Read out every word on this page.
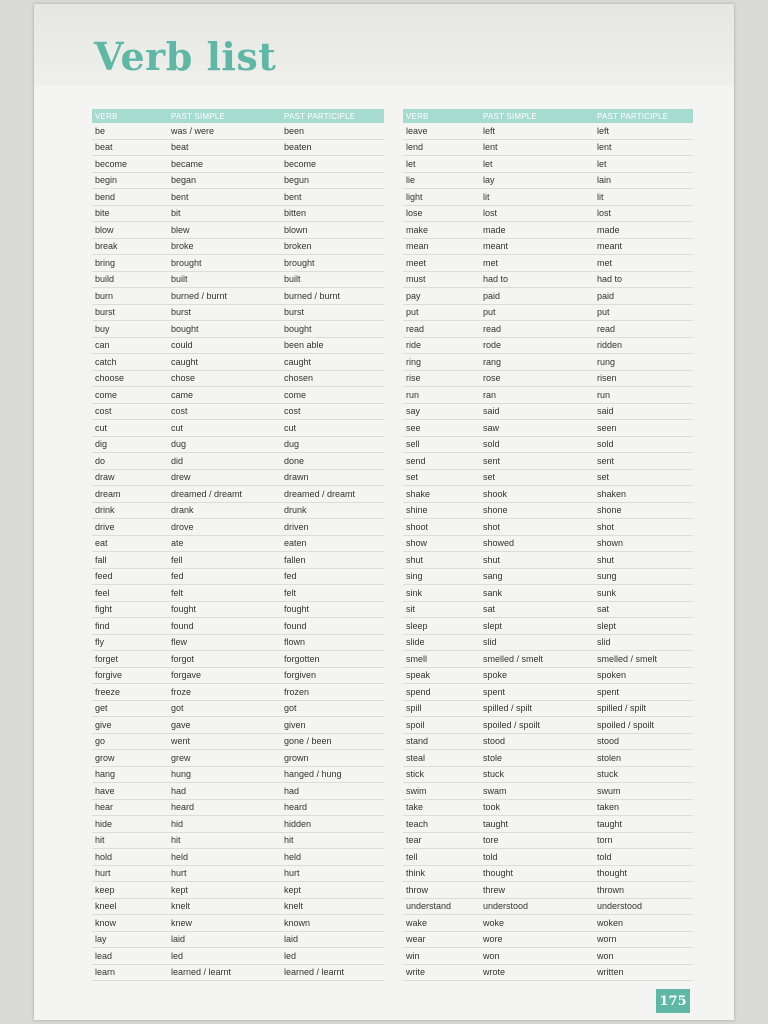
Verb list
VERB	PAST SIMPLE	PAST PARTICIPLE
be	was / were	been
beat	beat	beaten
become	became	become
begin	began	begun
bend	bent	bent
bite	bit	bitten
blow	blew	blown
break	broke	broken
bring	brought	brought
build	built	built
burn	burned / burnt	burned / burnt
burst	burst	burst
buy	bought	bought
can	could	been able
catch	caught	caught
choose	chose	chosen
come	came	come
cost	cost	cost
cut	cut	cut
dig	dug	dug
do	did	done
draw	drew	drawn
dream	dreamed / dreamt	dreamed / dreamt
drink	drank	drunk
drive	drove	driven
eat	ate	eaten
fall	fell	fallen
feed	fed	fed
feel	felt	felt
fight	fought	fought
find	found	found
fly	flew	flown
forget	forgot	forgotten
forgive	forgave	forgiven
freeze	froze	frozen
get	got	got
give	gave	given
go	went	gone / been
grow	grew	grown
hang	hung	hanged / hung
have	had	had
hear	heard	heard
hide	hid	hidden
hit	hit	hit
hold	held	held
hurt	hurt	hurt
keep	kept	kept
kneel	knelt	knelt
know	knew	known
lay	laid	laid
lead	led	led
learn	learned / learnt	learned / learnt
VERB	PAST SIMPLE	PAST PARTICIPLE
leave	left	left
lend	lent	lent
let	let	let
lie	lay	lain
light	lit	lit
lose	lost	lost
make	made	made
mean	meant	meant
meet	met	met
must	had to	had to
pay	paid	paid
put	put	put
read	read	read
ride	rode	ridden
ring	rang	rung
rise	rose	risen
run	ran	run
say	said	said
see	saw	seen
sell	sold	sold
send	sent	sent
set	set	set
shake	shook	shaken
shine	shone	shone
shoot	shot	shot
show	showed	shown
shut	shut	shut
sing	sang	sung
sink	sank	sunk
sit	sat	sat
sleep	slept	slept
slide	slid	slid
smell	smelled / smelt	smelled / smelt
speak	spoke	spoken
spend	spent	spent
spill	spilled / spilt	spilled / spilt
spoil	spoiled / spoilt	spoiled / spoilt
stand	stood	stood
steal	stole	stolen
stick	stuck	stuck
swim	swam	swum
take	took	taken
teach	taught	taught
tear	tore	torn
tell	told	told
think	thought	thought
throw	threw	thrown
understand	understood	understood
wake	woke	woken
wear	wore	worn
win	won	won
write	wrote	written
175
